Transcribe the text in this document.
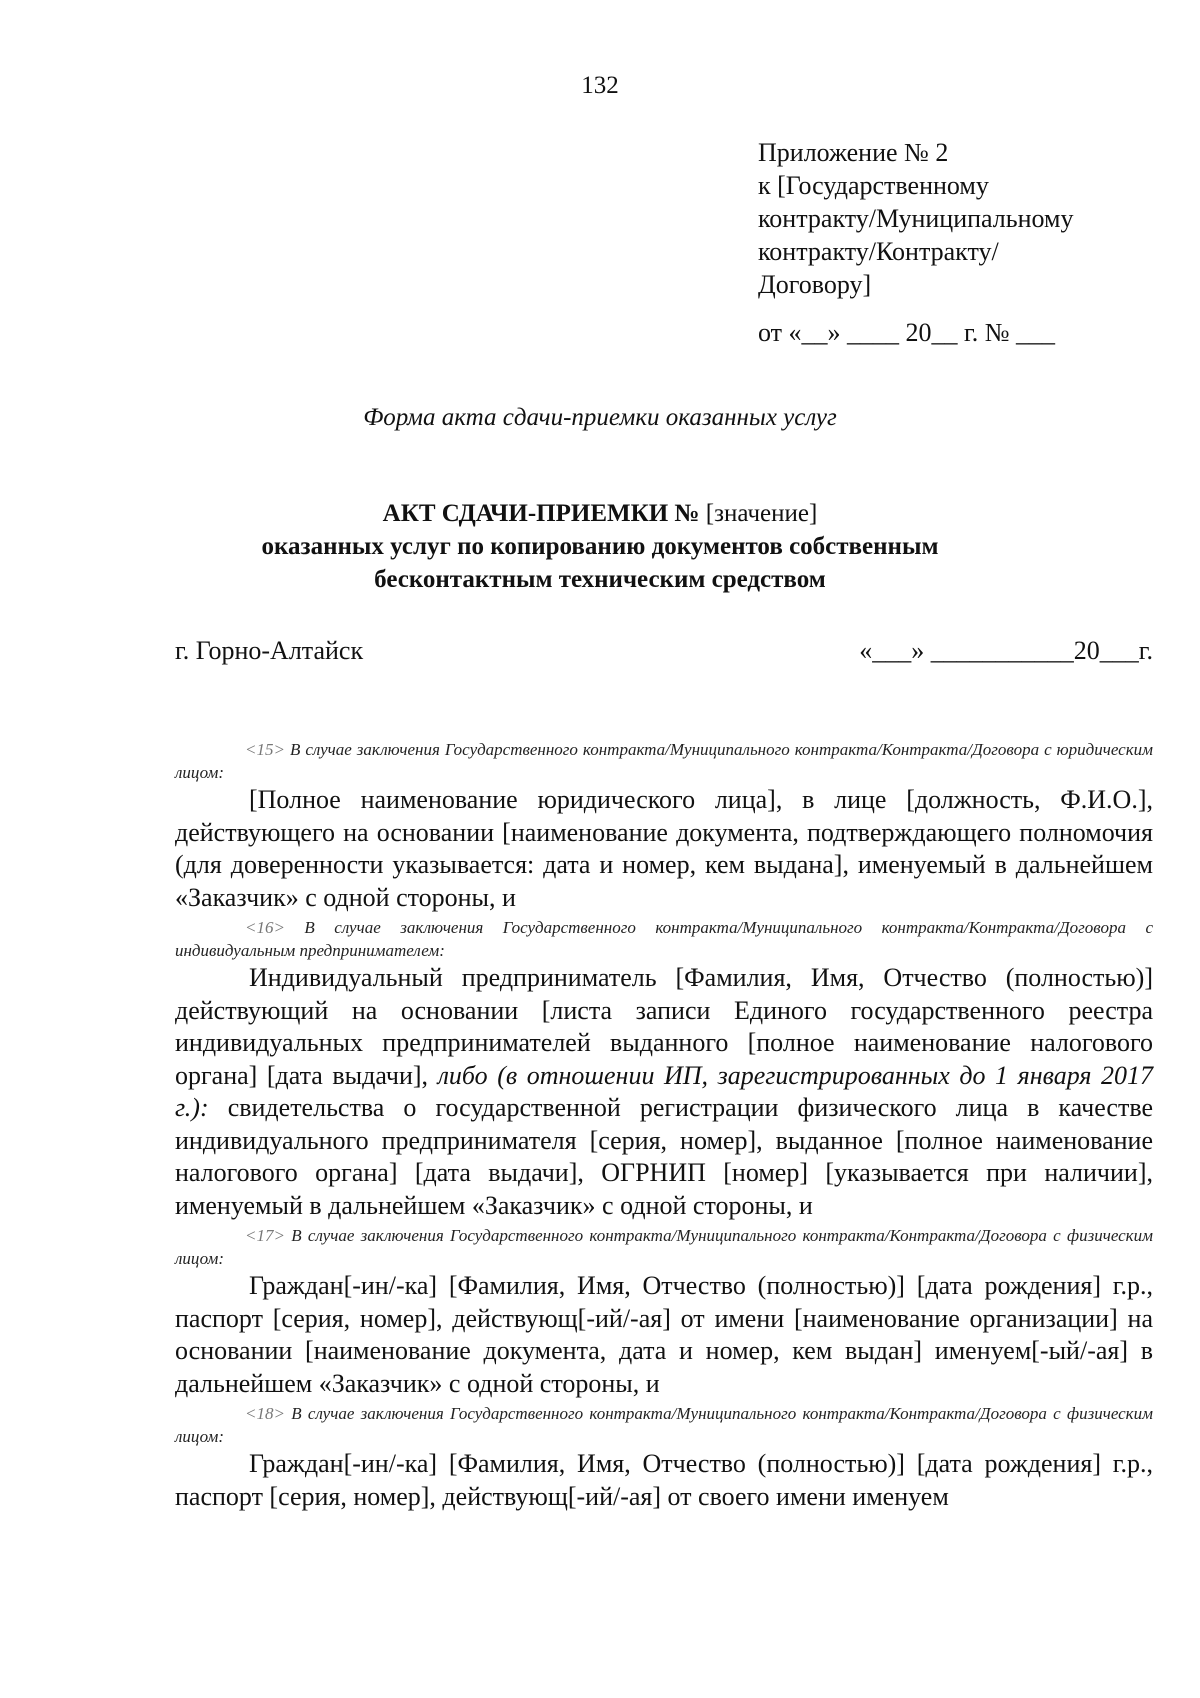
132
Приложение № 2
к [Государственному
контракту/Муниципальному
контракту/Контракту/
Договору]
от «__» ____ 20__ г. № ___
Форма акта сдачи-приемки оказанных услуг
АКТ СДАЧИ-ПРИЕМКИ № [значение]
оказанных услуг по копированию документов собственным
бесконтактным техническим средством
г. Горно-Алтайск	«___» ___________20___г.
<15> В случае заключения Государственного контракта/Муниципального контракта/Контракта/Договора с юридическим лицом:
[Полное наименование юридического лица], в лице [должность, Ф.И.О.], действующего на основании [наименование документа, подтверждающего полномочия (для доверенности указывается: дата и номер, кем выдана], именуемый в дальнейшем «Заказчик» с одной стороны, и
<16> В случае заключения Государственного контракта/Муниципального контракта/Контракта/Договора с индивидуальным предпринимателем:
Индивидуальный предприниматель [Фамилия, Имя, Отчество (полностью)] действующий на основании [листа записи Единого государственного реестра индивидуальных предпринимателей выданного [полное наименование налогового органа] [дата выдачи], либо (в отношении ИП, зарегистрированных до 1 января 2017 г.): свидетельства о государственной регистрации физического лица в качестве индивидуального предпринимателя [серия, номер], выданное [полное наименование налогового органа] [дата выдачи], ОГРНИП [номер] [указывается при наличии], именуемый в дальнейшем «Заказчик» с одной стороны, и
<17> В случае заключения Государственного контракта/Муниципального контракта/Контракта/Договора с физическим лицом:
Граждан[-ин/-ка] [Фамилия, Имя, Отчество (полностью)] [дата рождения] г.р., паспорт [серия, номер], действующ[-ий/-ая] от имени [наименование организации] на основании [наименование документа, дата и номер, кем выдан] именуем[-ый/-ая] в дальнейшем «Заказчик» с одной стороны, и
<18> В случае заключения Государственного контракта/Муниципального контракта/Контракта/Договора с физическим лицом:
Граждан[-ин/-ка] [Фамилия, Имя, Отчество (полностью)] [дата рождения] г.р., паспорт [серия, номер], действующ[-ий/-ая] от своего имени именуем
